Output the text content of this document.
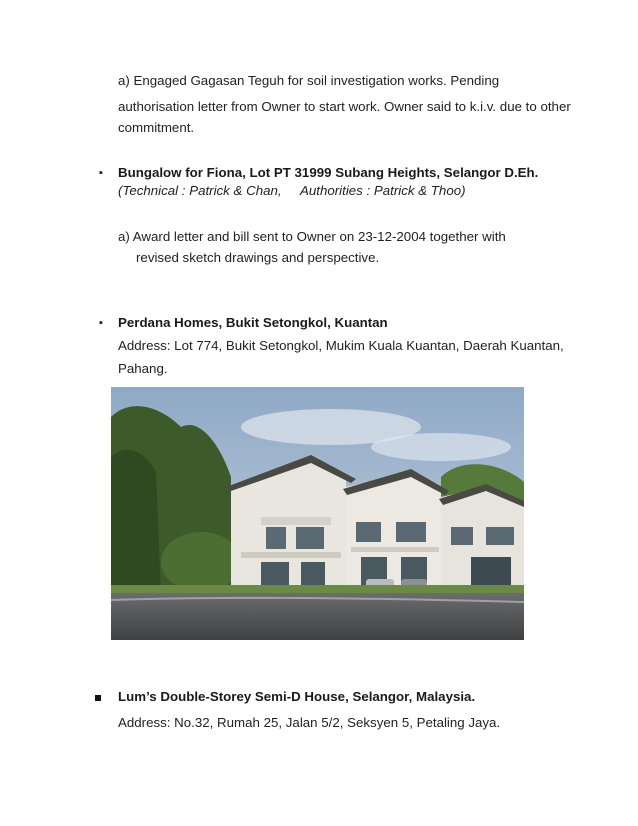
a) Engaged Gagasan Teguh for soil investigation works. Pending
authorisation letter from Owner to start work. Owner said to k.i.v. due to other
commitment.
▪ Bungalow for Fiona, Lot PT 31999 Subang Heights, Selangor D.Eh.
(Technical : Patrick & Chan, Authorities : Patrick & Thoo)
a) Award letter and bill sent to Owner on 23-12-2004 together with
revised sketch drawings and perspective.
▪ Perdana Homes, Bukit Setongkol, Kuantan
Address: Lot 774, Bukit Setongkol, Mukim Kuala Kuantan, Daerah Kuantan,
Pahang.
Lum’s Double-Storey Semi-D House, Selangor, Malaysia.
Address: No.32, Rumah 25, Jalan 5/2, Seksyen 5, Petaling Jaya.
